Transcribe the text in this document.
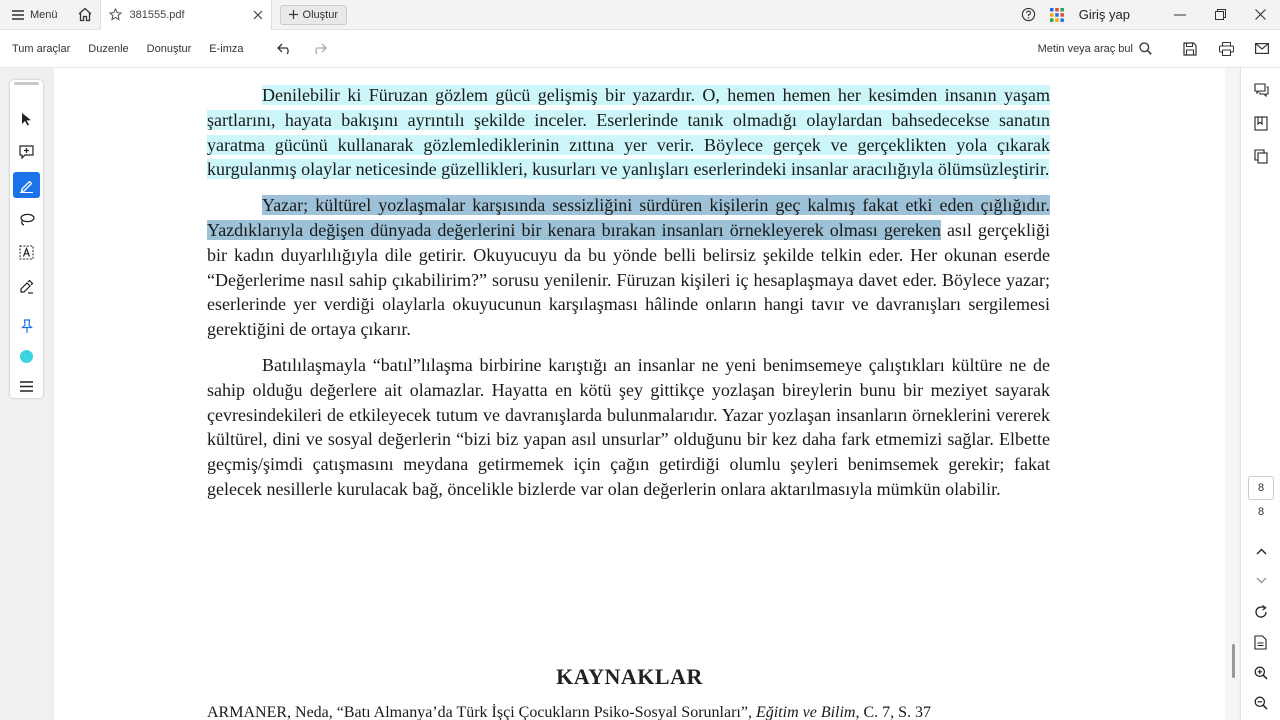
Menü	381555.pdf	Oluştur	Giriş yap
Tum araçlar Duzenle Donuştur E-imza	Metin veya araç bul

Denilebilir ki Füruzan gözlem gücü gelişmiş bir yazardır. O, hemen hemen her kesimden insanın yaşam şartlarını, hayata bakışını ayrıntılı şekilde inceler. Eserlerinde tanık olmadığı olaylardan bahsedecekse sanatın yaratma gücünü kullanarak gözlemlediklerinin zıttına yer verir. Böylece gerçek ve gerçeklikten yola çıkarak kurgulanmış olaylar neticesinde güzellikleri, kusurları ve yanlışları eserlerindeki insanlar aracılığıyla ölümsüzleştirir.

Yazar; kültürel yozlaşmalar karşısında sessizliğini sürdüren kişilerin geç kalmış fakat etki eden çığlığıdır. Yazdıklarıyla değişen dünyada değerlerini bir kenara bırakan insanları örnekleyerek olması gereken asıl gerçekliği bir kadın duyarlılığıyla dile getirir. Okuyucuyu da bu yönde belli belirsiz şekilde telkin eder. Her okunan eserde “Değerlerime nasıl sahip çıkabilirim?” sorusu yenilenir. Füruzan kişileri iç hesaplaşmaya davet eder. Böylece yazar; eserlerinde yer verdiği olaylarla okuyucunun karşılaşması hâlinde onların hangi tavır ve davranışları sergilemesi gerektiğini de ortaya çıkarır.

Batılılaşmayla “batıl”lılaşma birbirine karıştığı an insanlar ne yeni benimsemeye çalıştıkları kültüre ne de sahip olduğu değerlere ait olamazlar. Hayatta en kötü şey gittikçe yozlaşan bireylerin bunu bir meziyet sayarak çevresindekileri de etkileyecek tutum ve davranışlarda bulunmalarıdır. Yazar yozlaşan insanların örneklerini vererek kültürel, dini ve sosyal değerlerin “bizi biz yapan asıl unsurlar” olduğunu bir kez daha fark etmemizi sağlar. Elbette geçmiş/şimdi çatışmasını meydana getirmemek için çağın getirdiği olumlu şeyleri benimsemek gerekir; fakat gelecek nesillerle kurulacak bağ, öncelikle bizlerde var olan değerlerin onlara aktarılmasıyla mümkün olabilir.

KAYNAKLAR
ARMANER, Neda, “Batı Almanya’da Türk İşçi Çocukların Psiko-Sosyal Sorunları”, Eğitim ve Bilim, C. 7, S. 37
8
8
